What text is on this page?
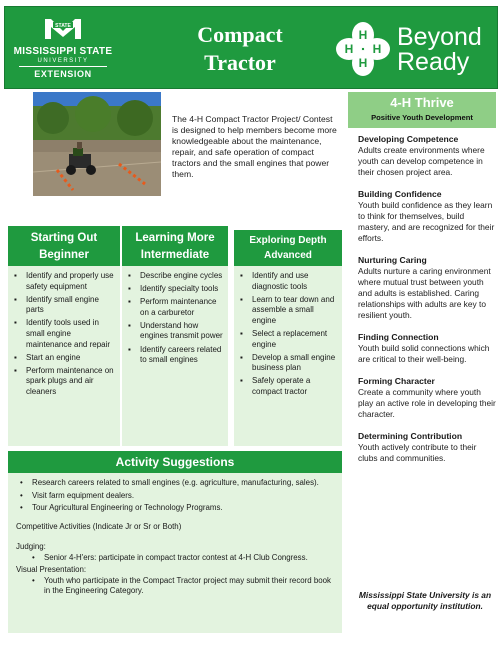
STATE
MISSISSIPPI STATE
UNIVERSITY
EXTENSION
Compact
Tractor
H
H
H H Beyond
Ready
The 4-H Compact Tractor Project/ Contest is designed to help members become more knowledgeable about the maintenance, repair, and safe operation of compact tractors and the small engines that power them.
4-H Thrive
Positive Youth Development
Developing Competence
Adults create environments where youth can develop competence in their chosen project area.
Building Confidence
Youth build confidence as they learn to think for themselves, build mastery, and are recognized for their efforts.
Nurturing Caring
Adults nurture a caring environment where mutual trust between youth and adults is established. Caring relationships with adults are key to resilient youth.
Finding Connection
Youth build solid connections which are critical to their well-being.
Forming Character
Create a community where youth play an active role in developing their character.
Determining Contribution
Youth actively contribute to their clubs and communities.
Mississippi State University is an equal opportunity institution.
Starting Out
Beginner
Learning More
Intermediate
Exploring Depth
Advanced
▪ Identify and properly use safety equipment
▪ Identify small engine parts
▪ Identify tools used in small engine maintenance and repair
▪ Start an engine
▪ Perform maintenance on spark plugs and air cleaners
▪ Describe engine cycles
▪ Identify specialty tools
▪ Perform maintenance on a carburetor
▪ Understand how engines transmit power
▪ Identify careers related to small engines
▪ Identify and use diagnostic tools
▪ Learn to tear down and assemble a small engine
▪ Select a replacement engine
▪ Develop a small engine business plan
▪ Safely operate a compact tractor
Activity Suggestions
• Research careers related to small engines (e.g. agriculture, manufacturing, sales).
• Visit farm equipment dealers.
• Tour Agricultural Engineering or Technology Programs.
Competitive Activities (Indicate Jr or Sr or Both)
Judging:
• Senior 4-H'ers: participate in compact tractor contest at 4-H Club Congress.
Visual Presentation:
• Youth who participate in the Compact Tractor project may submit their record book in the Engineering Category.
